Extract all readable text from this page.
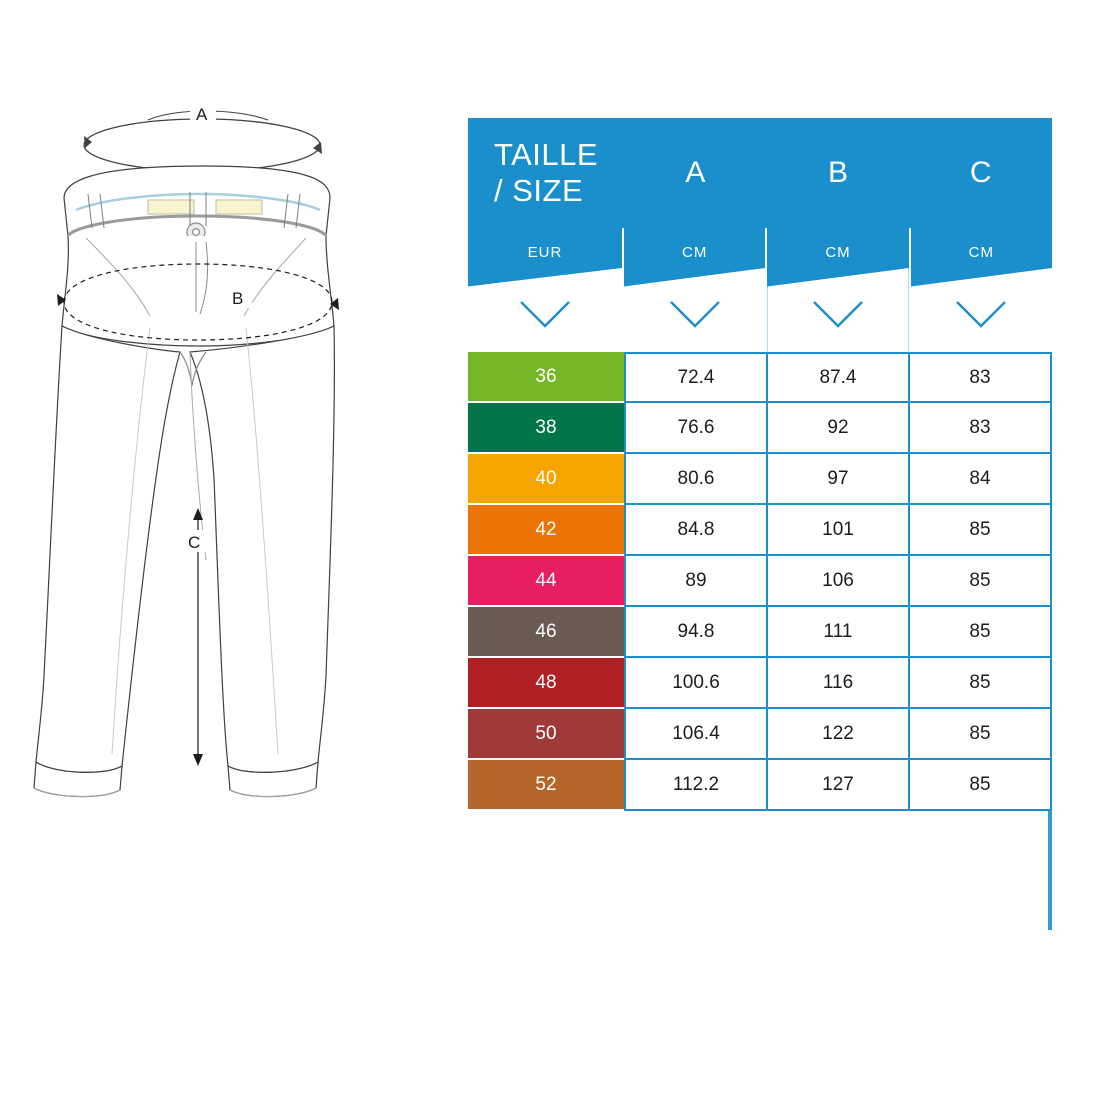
A
B
C
TAILLE
/ SIZE
A	B	C
EUR	CM	CM	CM
36	72.4	87.4	83
38	76.6	92	83
40	80.6	97	84
42	84.8	101	85
44	89	106	85
46	94.8	111	85
48	100.6	116	85
50	106.4	122	85
52	112.2	127	85
